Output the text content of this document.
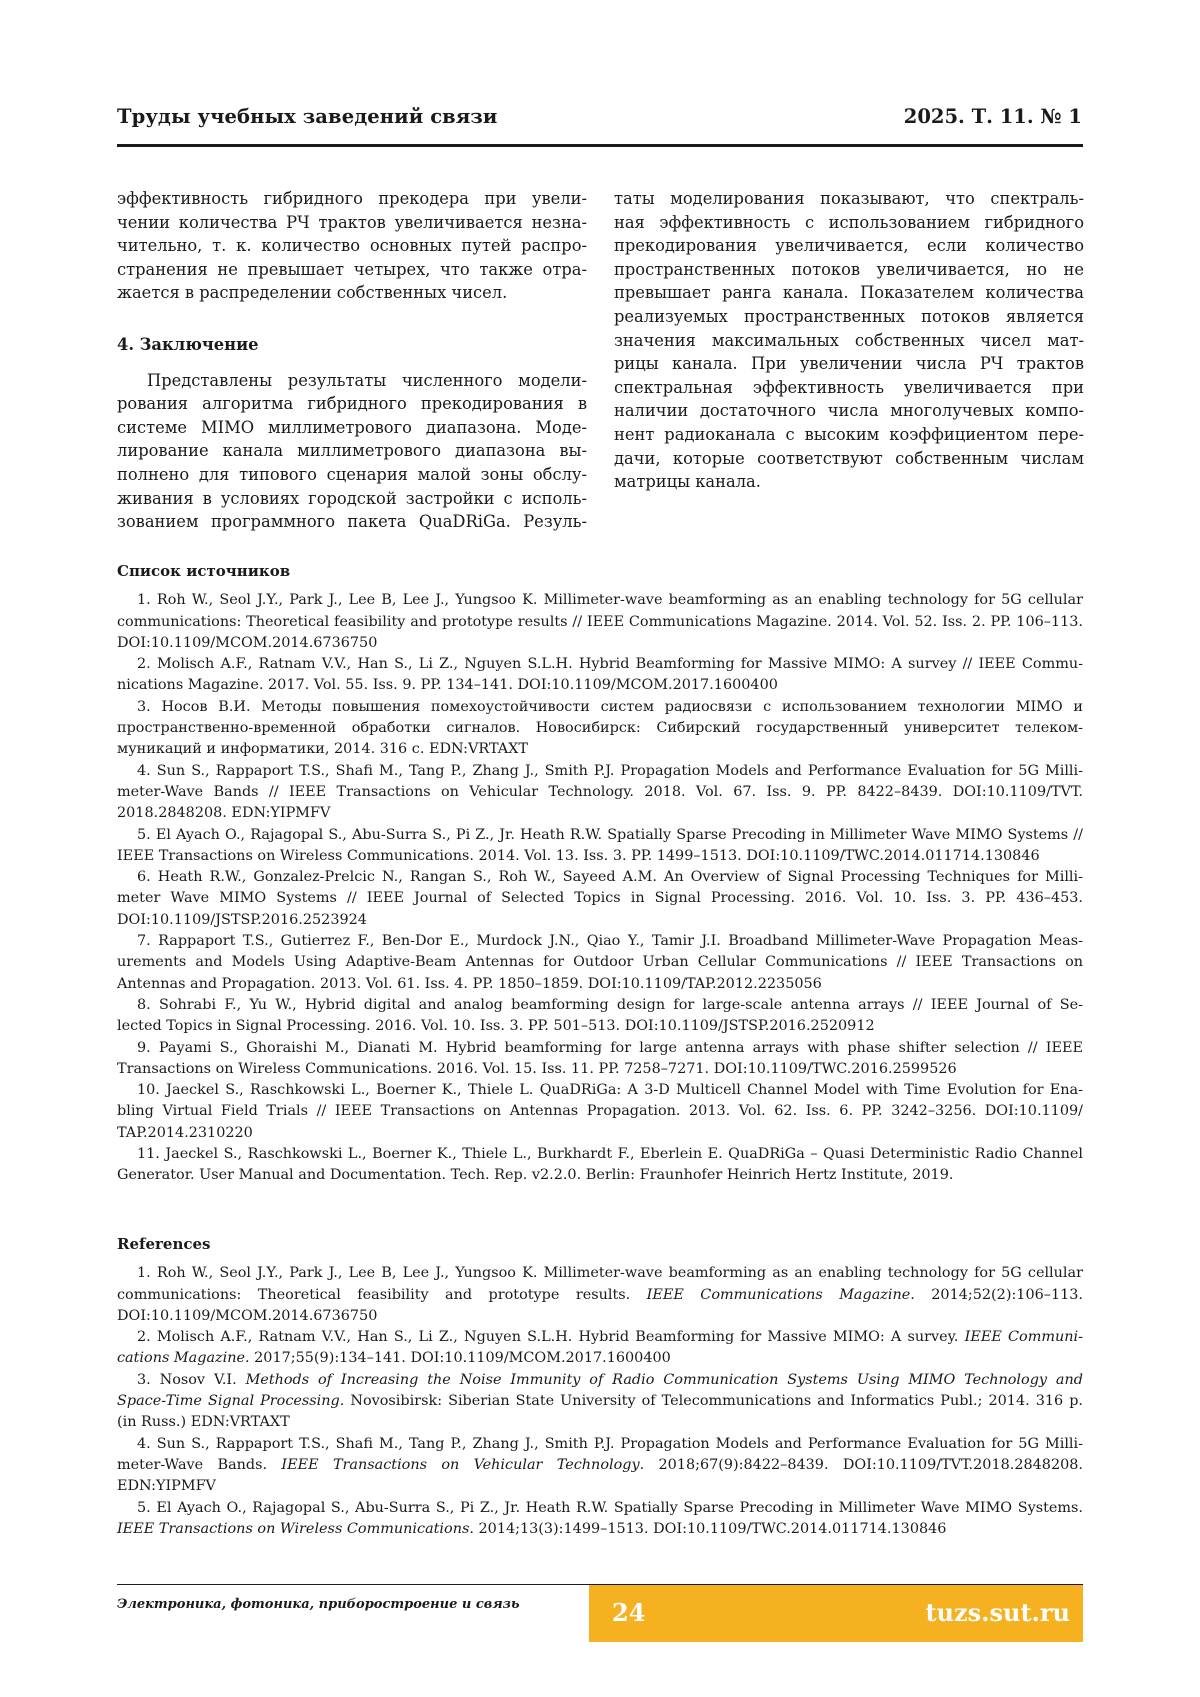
Труды учебных заведений связи	2025. Т. 11. № 1
эффективность гибридного прекодера при увели-
чении количества РЧ трактов увеличивается незна-
чительно, т. к. количество основных путей распро-
странения не превышает четырех, что также отра-
жается в распределении собственных чисел.
4. Заключение
Представлены результаты численного модели-
рования алгоритма гибридного прекодирования в
системе MIMO миллиметрового диапазона. Моде-
лирование канала миллиметрового диапазона вы-
полнено для типового сценария малой зоны обслу-
живания в условиях городской застройки с исполь-
зованием программного пакета QuaDRiGa. Резуль-
таты моделирования показывают, что спектраль-
ная эффективность с использованием гибридного
прекодирования увеличивается, если количество
пространственных потоков увеличивается, но не
превышает ранга канала. Показателем количества
реализуемых пространственных потоков является
значения максимальных собственных чисел мат-
рицы канала. При увеличении числа РЧ трактов
спектральная эффективность увеличивается при
наличии достаточного числа многолучевых компо-
нент радиоканала с высоким коэффициентом пере-
дачи, которые соответствуют собственным числам
матрицы канала.
Список источников
1. Roh W., Seol J.Y., Park J., Lee B, Lee J., Yungsoo K. Millimeter-wave beamforming as an enabling technology for 5G cellular
communications: Theoretical feasibility and prototype results // IEEE Communications Magazine. 2014. Vol. 52. Iss. 2. PP. 106–113.
DOI:10.1109/MCOM.2014.6736750
2. Molisch A.F., Ratnam V.V., Han S., Li Z., Nguyen S.L.H. Hybrid Beamforming for Massive MIMO: A survey // IEEE Commu-
nications Magazine. 2017. Vol. 55. Iss. 9. PP. 134–141. DOI:10.1109/MCOM.2017.1600400
3. Носов В.И. Методы повышения помехоустойчивости систем радиосвязи с использованием технологии MIMO и
пространственно-временной обработки сигналов. Новосибирск: Сибирский государственный университет телеком-
муникаций и информатики, 2014. 316 с. EDN:VRTAXT
4. Sun S., Rappaport T.S., Shafi M., Tang P., Zhang J., Smith P.J. Propagation Models and Performance Evaluation for 5G Milli-
meter-Wave Bands // IEEE Transactions on Vehicular Technology. 2018. Vol. 67. Iss. 9. PP. 8422–8439. DOI:10.1109/TVT.
2018.2848208. EDN:YIPMFV
5. El Ayach O., Rajagopal S., Abu-Surra S., Pi Z., Jr. Heath R.W. Spatially Sparse Precoding in Millimeter Wave MIMO Systems //
IEEE Transactions on Wireless Communications. 2014. Vol. 13. Iss. 3. PP. 1499–1513. DOI:10.1109/TWC.2014.011714.130846
6. Heath R.W., Gonzalez-Prelcic N., Rangan S., Roh W., Sayeed A.M. An Overview of Signal Processing Techniques for Milli-
meter Wave MIMO Systems // IEEE Journal of Selected Topics in Signal Processing. 2016. Vol. 10. Iss. 3. PP. 436–453.
DOI:10.1109/JSTSP.2016.2523924
7. Rappaport T.S., Gutierrez F., Ben-Dor E., Murdock J.N., Qiao Y., Tamir J.I. Broadband Millimeter-Wave Propagation Meas-
urements and Models Using Adaptive-Beam Antennas for Outdoor Urban Cellular Communications // IEEE Transactions on
Antennas and Propagation. 2013. Vol. 61. Iss. 4. PP. 1850–1859. DOI:10.1109/TAP.2012.2235056
8. Sohrabi F., Yu W., Hybrid digital and analog beamforming design for large-scale antenna arrays // IEEE Journal of Se-
lected Topics in Signal Processing. 2016. Vol. 10. Iss. 3. PP. 501–513. DOI:10.1109/JSTSP.2016.2520912
9. Payami S., Ghoraishi M., Dianati M. Hybrid beamforming for large antenna arrays with phase shifter selection // IEEE
Transactions on Wireless Communications. 2016. Vol. 15. Iss. 11. PP. 7258–7271. DOI:10.1109/TWC.2016.2599526
10. Jaeckel S., Raschkowski L., Boerner K., Thiele L. QuaDRiGa: A 3-D Multicell Channel Model with Time Evolution for Ena-
bling Virtual Field Trials // IEEE Transactions on Antennas Propagation. 2013. Vol. 62. Iss. 6. PP. 3242–3256. DOI:10.1109/
TAP.2014.2310220
11. Jaeckel S., Raschkowski L., Boerner K., Thiele L., Burkhardt F., Eberlein E. QuaDRiGa – Quasi Deterministic Radio Channel
Generator. User Manual and Documentation. Tech. Rep. v2.2.0. Berlin: Fraunhofer Heinrich Hertz Institute, 2019.
References
1. Roh W., Seol J.Y., Park J., Lee B, Lee J., Yungsoo K. Millimeter-wave beamforming as an enabling technology for 5G cellular
communications: Theoretical feasibility and prototype results. IEEE Communications Magazine. 2014;52(2):106–113.
DOI:10.1109/MCOM.2014.6736750
2. Molisch A.F., Ratnam V.V., Han S., Li Z., Nguyen S.L.H. Hybrid Beamforming for Massive MIMO: A survey. IEEE Communi-
cations Magazine. 2017;55(9):134–141. DOI:10.1109/MCOM.2017.1600400
3. Nosov V.I. Methods of Increasing the Noise Immunity of Radio Communication Systems Using MIMO Technology and
Space-Time Signal Processing. Novosibirsk: Siberian State University of Telecommunications and Informatics Publ.; 2014. 316 p.
(in Russ.) EDN:VRTAXT
4. Sun S., Rappaport T.S., Shafi M., Tang P., Zhang J., Smith P.J. Propagation Models and Performance Evaluation for 5G Milli-
meter-Wave Bands. IEEE Transactions on Vehicular Technology. 2018;67(9):8422–8439. DOI:10.1109/TVT.2018.2848208.
EDN:YIPMFV
5. El Ayach O., Rajagopal S., Abu-Surra S., Pi Z., Jr. Heath R.W. Spatially Sparse Precoding in Millimeter Wave MIMO Systems.
IEEE Transactions on Wireless Communications. 2014;13(3):1499–1513. DOI:10.1109/TWC.2014.011714.130846
Электроника, фотоника, приборостроение и связь	24	tuzs.sut.ru
